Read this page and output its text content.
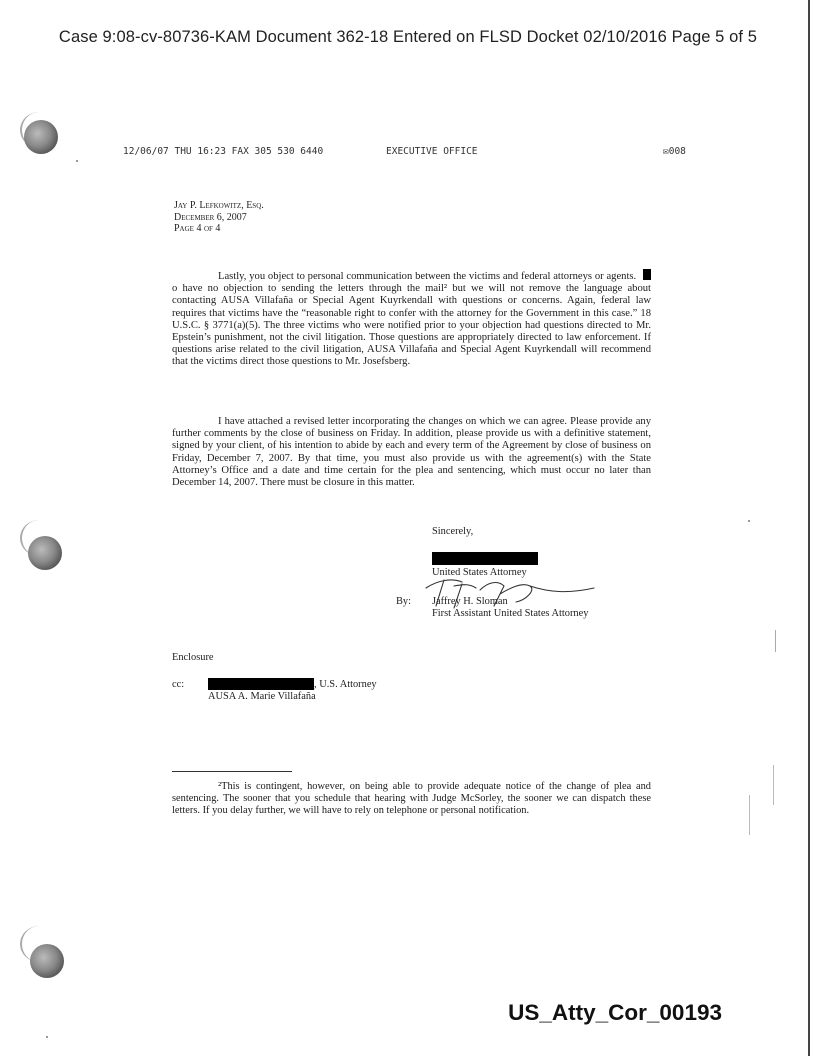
Case 9:08-cv-80736-KAM Document 362-18 Entered on FLSD Docket 02/10/2016 Page 5 of 5
12/06/07 THU 16:23 FAX 305 530 6440	EXECUTIVE OFFICE	✉008
Jay P. Lefkowitz, Esq.
December 6, 2007
Page 4 of 4

Lastly, you object to personal communication between the victims and federal attorneys or agents. o have no objection to sending the letters through the mail² but we will not remove the language about contacting AUSA Villafaña or Special Agent Kuyrkendall with questions or concerns. Again, federal law requires that victims have the “reasonable right to confer with the attorney for the Government in this case.” 18 U.S.C. § 3771(a)(5). The three victims who were notified prior to your objection had questions directed to Mr. Epstein’s punishment, not the civil litigation. Those questions are appropriately directed to law enforcement. If questions arise related to the civil litigation, AUSA Villafaña and Special Agent Kuyrkendall will recommend that the victims direct those questions to Mr. Josefsberg.

I have attached a revised letter incorporating the changes on which we can agree. Please provide any further comments by the close of business on Friday. In addition, please provide us with a definitive statement, signed by your client, of his intention to abide by each and every term of the Agreement by close of business on Friday, December 7, 2007. By that time, you must also provide us with the agreement(s) with the State Attorney’s Office and a date and time certain for the plea and sentencing, which must occur no later than December 14, 2007. There must be closure in this matter.

Sincerely,
United States Attorney
By: Jaffrey H. Sloman
First Assistant United States Attorney
Enclosure
cc:	, U.S. Attorney
AUSA A. Marie Villafaña

²This is contingent, however, on being able to provide adequate notice of the change of plea and sentencing. The sooner that you schedule that hearing with Judge McSorley, the sooner we can dispatch these letters. If you delay further, we will have to rely on telephone or personal notification.

US_Atty_Cor_00193
